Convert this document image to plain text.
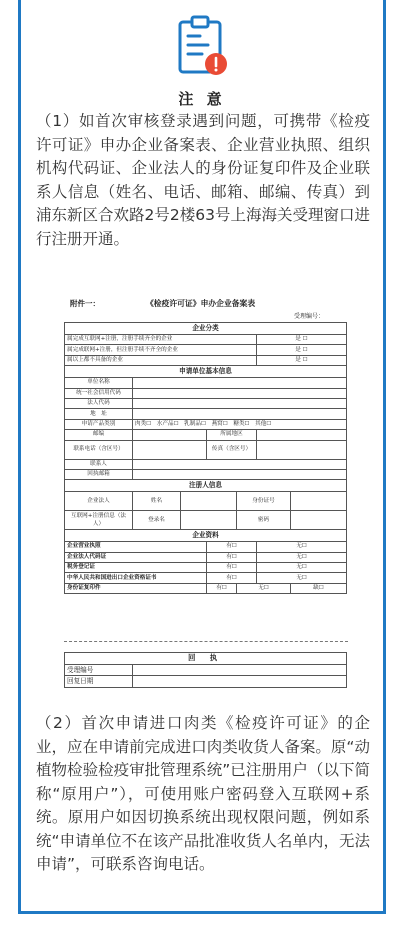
注 意
（1）如首次审核登录遇到问题，可携带《检疫许可证》申办企业备案表、企业营业执照、组织机构代码证、企业法人的身份证复印件及企业联系人信息（姓名、电话、邮箱、邮编、传真）到浦东新区合欢路2号2楼63号上海海关受理窗口进行注册开通。
附件一：	《检疫许可证》申办企业备案表
受理编号：
企业分类						
属完成互联网+注册，注册手续齐全的企业					是 ☐	
属完成联网+注册，但注册手续不齐全的企业					是 ☐	
属以上都不具备的企业					是 ☐	
申请单位基本信息						
单位名称						
统一社会信用代码						
法人代码						
地　址						
申请产品类别	肉类☐　水产品☐　乳制品☐　燕窝☐　糖类☐　其他☐					
邮编			所属地区			
联系电话（含区号）			传真（含区号）			
联系人						
回执邮箱						
注册人信息						
企业法人	姓名			身份证号		
互联网+注册信息（法人）	登录名			密码		
企业资料						
企业营业执照			有☐		无☐	
企业法人代码证			有☐		无☐	
税务登记证			有☐		无☐	
中华人民共和国进出口企业资格证书			有☐		无☐	
身份证复印件			有☐	无☐		缺☐
回 执	
受理编号	
回复日期	
（2）首次申请进口肉类《检疫许可证》的企业，应在申请前完成进口肉类收货人备案。原“动植物检验检疫审批管理系统”已注册用户（以下简称“原用户”），可使用账户密码登入互联网+系统。原用户如因切换系统出现权限问题，例如系统“申请单位不在该产品批准收货人名单内，无法申请”，可联系咨询电话。
